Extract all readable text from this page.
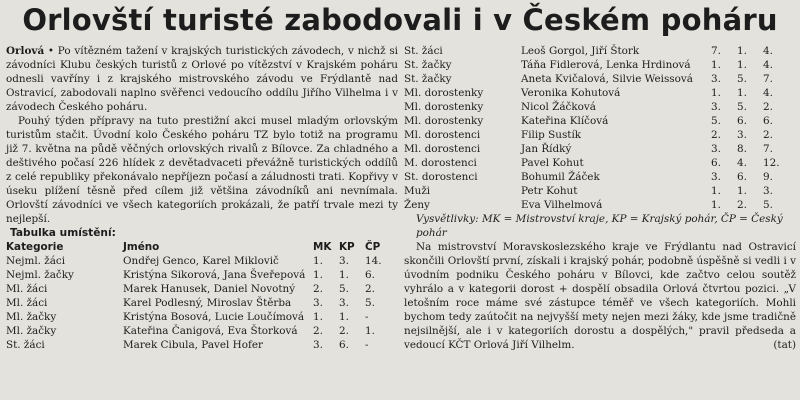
Orlovští turisté zabodovali i v Českém poháru

Orlová • Po vítězném tažení v krajských turistických závodech, v nichž si závodníci Klubu českých turistů z Orlové po vítězství v Krajském poháru odnesli vavříny i z krajského mistrovského závodu ve Frýdlantě nad Ostravicí, zabodovali naplno svěřenci vedoucího oddílu Jiřího Vilhelma i v závodech Českého poháru.

Pouhý týden přípravy na tuto prestižní akci musel mladým orlovským turistům stačit. Úvodní kolo Českého poháru TZ bylo totiž na programu již 7. května na půdě věčných orlovských rivalů z Bílovce. Za chladného a deštivého počasí 226 hlídek z devětadvaceti převážně turistických oddílů z celé republiky překonávalo nepříjezn počasí a záludnosti trati. Kopřivy v úseku plížení těsně před cílem již většina závodníků ani nevnímala. Orlovští závodníci ve všech kategoriích prokázali, že patří trvale mezi ty nejlepší.

Tabulka umístění:
Kategorie	Jméno	MK	KP	ČP
Nejml. žáci	Ondřej Genco, Karel Miklovič	1.	3.	14.
Nejml. žačky	Kristýna Sikorová, Jana Šveřepová	1.	1.	6.
Ml. žáci	Marek Hanusek, Daniel Novotný	2.	5.	2.
Ml. žáci	Karel Podlesný, Miroslav Štěrba	3.	3.	5.
Ml. žačky	Kristýna Bosová, Lucie Loučímová	1.	1.	-
Ml. žačky	Kateřina Čanigová, Eva Štorková	2.	2.	1.
St. žáci	Marek Cibula, Pavel Hofer	3.	6.	-
St. žáci	Leoš Gorgol, Jiří Štork	7.	1.	4.
St. žačky	Táňa Fidlerová, Lenka Hrdinová	1.	1.	4.
St. žačky	Aneta Kvičalová, Silvie Weissová	3.	5.	7.
Ml. dorostenky	Veronika Kohutová	1.	1.	4.
Ml. dorostenky	Nicol Žáčková	3.	5.	2.
Ml. dorostenky	Kateřina Klíčová	5.	6.	6.
Ml. dorostenci	Filip Sustík	2.	3.	2.
Ml. dorostenci	Jan Řídký	3.	8.	7.
M. dorostenci	Pavel Kohut	6.	4.	12.
St. dorostenci	Bohumil Žáček	3.	6.	9.
Muži	Petr Kohut	1.	1.	3.
Ženy	Eva Vilhelmová	1.	2.	5.

Vysvětlivky: MK = Mistrovství kraje, KP = Krajský pohár, ČP = Český pohár

Na mistrovství Moravskoslezského kraje ve Frýdlantu nad Ostravicí skončili Orlovští první, získali i krajský pohár, podobně úspěšně si vedli i v úvodním podniku Českého poháru v Bílovci, kde začtvo celou soutěž vyhrálo a v kategorii dorost + dospělí obsadila Orlová čtvrtou pozici. „V letošním roce máme své zástupce téměř ve všech kategoriích. Mohli bychom tedy zaútočit na nejvyšší mety nejen mezi žáky, kde jsme tradičně nejsilnější, ale i v kategoriích dorostu a dospělých," pravil předseda a vedoucí KČT Orlová Jiří Vilhelm.	(tat)
